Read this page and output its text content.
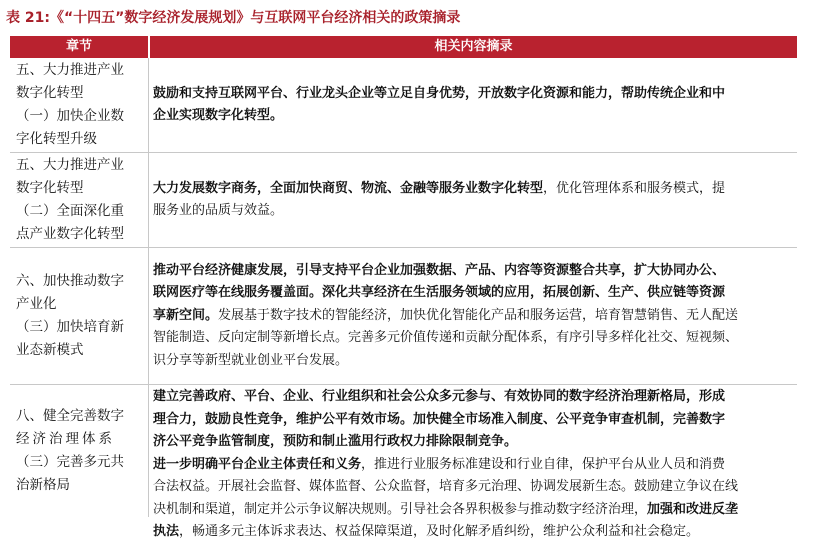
表 21:《“十四五”数字经济发展规划》与互联网平台经济相关的政策摘录
章节	相关内容摘录
五、大力推进产业
数字化转型
（一）加快企业数
字化转型升级
鼓励和支持互联网平台、行业龙头企业等立足自身优势，开放数字化资源和能力，帮助传统企业和中
企业实现数字化转型。
五、大力推进产业
数字化转型
（二）全面深化重
点产业数字化转型
大力发展数字商务，全面加快商贸、物流、金融等服务业数字化转型，优化管理体系和服务模式，提
服务业的品质与效益。
六、加快推动数字
产业化
（三）加快培育新
业态新模式
推动平台经济健康发展，引导支持平台企业加强数据、产品、内容等资源整合共享，扩大协同办公、
联网医疗等在线服务覆盖面。深化共享经济在生活服务领域的应用，拓展创新、生产、供应链等资源
享新空间。发展基于数字技术的智能经济，加快优化智能化产品和服务运营，培育智慧销售、无人配送
智能制造、反向定制等新增长点。完善多元价值传递和贡献分配体系，有序引导多样化社交、短视频、
识分享等新型就业创业平台发展。
八、健全完善数字
经济治理体系
（三）完善多元共
治新格局
建立完善政府、平台、企业、行业组织和社会公众多元参与、有效协同的数字经济治理新格局，形成
理合力，鼓励良性竞争，维护公平有效市场。加快健全市场准入制度、公平竞争审查机制，完善数字
济公平竞争监管制度，预防和制止滥用行政权力排除限制竞争。
进一步明确平台企业主体责任和义务，推进行业服务标准建设和行业自律，保护平台从业人员和消费
合法权益。开展社会监督、媒体监督、公众监督，培育多元治理、协调发展新生态。鼓励建立争议在线
决机制和渠道，制定并公示争议解决规则。引导社会各界积极参与推动数字经济治理，加强和改进反垄
执法，畅通多元主体诉求表达、权益保障渠道，及时化解矛盾纠纷，维护公众利益和社会稳定。
